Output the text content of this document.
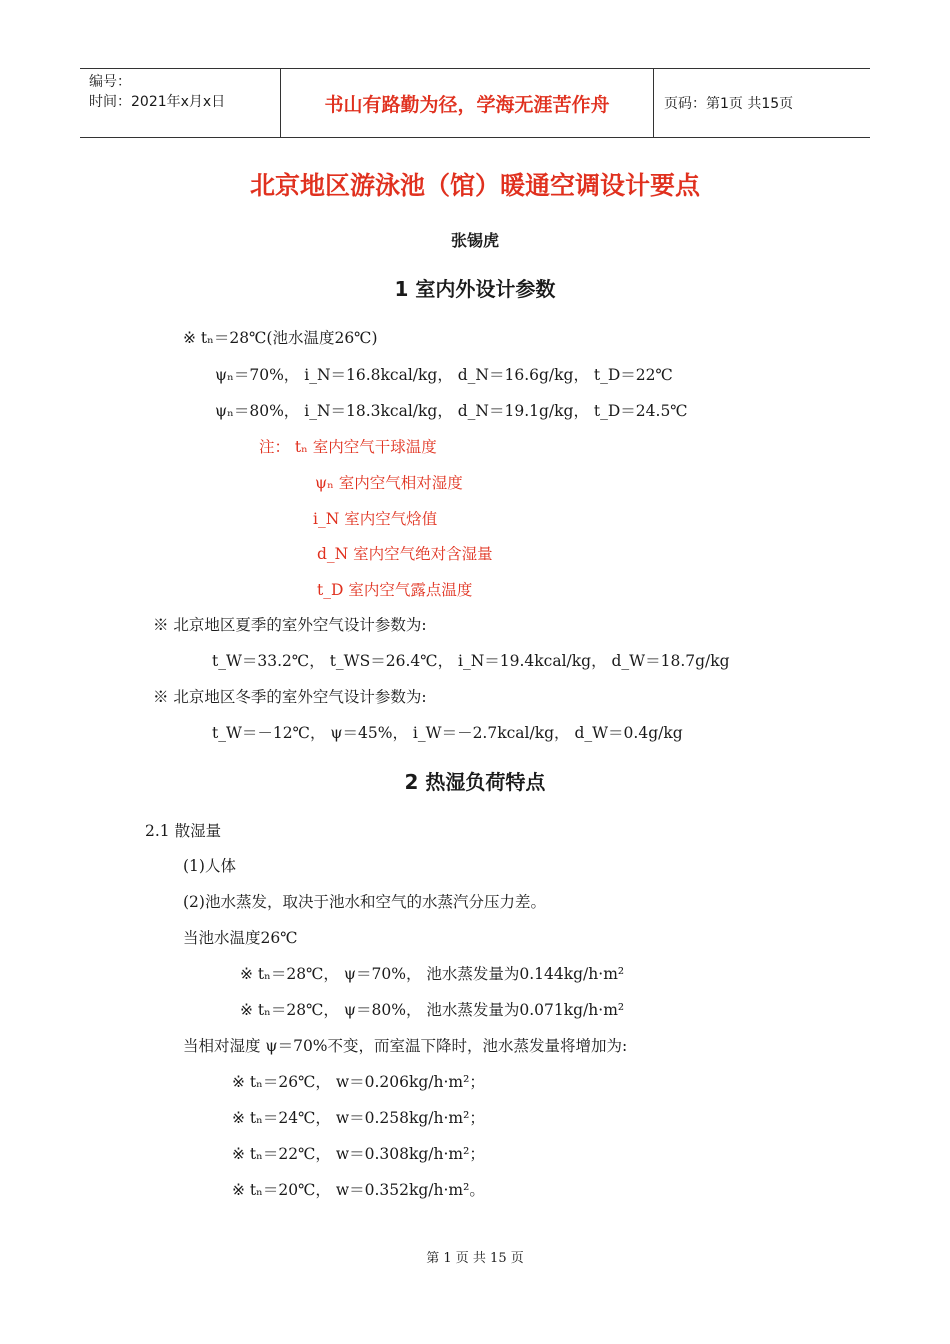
编号：
时间：2021年x月x日	书山有路勤为径，学海无涯苦作舟	页码：第1页 共15页
北京地区游泳池（馆）暖通空调设计要点
张锡虎
1 室内外设计参数
※ tₙ＝28℃(池水温度26℃)
ψₙ＝70%， i_N＝16.8kcal/kg， d_N＝16.6g/kg， t_D＝22℃
ψₙ＝80%， i_N＝18.3kcal/kg， d_N＝19.1g/kg， t_D＝24.5℃
注： tₙ 室内空气干球温度
ψₙ 室内空气相对湿度
i_N 室内空气焓值
d_N 室内空气绝对含湿量
t_D 室内空气露点温度
※ 北京地区夏季的室外空气设计参数为:
t_W＝33.2℃， t_WS＝26.4℃， i_N＝19.4kcal/kg， d_W＝18.7g/kg
※ 北京地区冬季的室外空气设计参数为:
t_W＝－12℃， ψ＝45%， i_W＝－2.7kcal/kg， d_W＝0.4g/kg
2 热湿负荷特点
2.1 散湿量
(1)人体
(2)池水蒸发，取决于池水和空气的水蒸汽分压力差。
当池水温度26℃
※ tₙ＝28℃， ψ＝70%， 池水蒸发量为0.144kg/h·m²
※ tₙ＝28℃， ψ＝80%， 池水蒸发量为0.071kg/h·m²
当相对湿度 ψ＝70%不变，而室温下降时，池水蒸发量将增加为:
※ tₙ＝26℃， w＝0.206kg/h·m²；
※ tₙ＝24℃， w＝0.258kg/h·m²；
※ tₙ＝22℃， w＝0.308kg/h·m²；
※ tₙ＝20℃， w＝0.352kg/h·m²。
第 1 页 共 15 页
